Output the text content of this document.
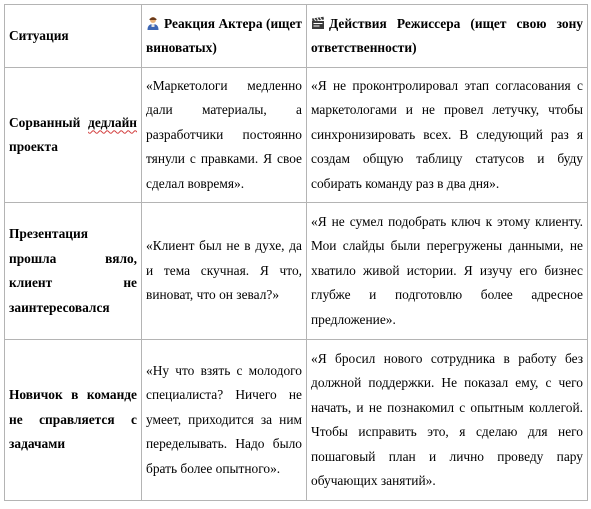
Ситуация	Реакция Актера (ищет виноватых)	Действия Режиссера (ищет свою зону ответственности)

Сорванный дедлайн проекта	«Маркетологи медленно дали материалы, а разработчики постоянно тянули с правками. Я свое сделал вовремя».	«Я не проконтролировал этап согласования с маркетологами и не провел летучку, чтобы синхронизировать всех. В следующий раз я создам общую таблицу статусов и буду собирать команду раз в два дня».

Презентация прошла вяло, клиент не заинтересовался	«Клиент был не в духе, да и тема скучная. Я что, виноват, что он зевал?»	«Я не сумел подобрать ключ к этому клиенту. Мои слайды были перегружены данными, не хватило живой истории. Я изучу его бизнес глубже и подготовлю более адресное предложение».

Новичок в команде не справляется с задачами	«Ну что взять с молодого специалиста? Ничего не умеет, приходится за ним переделывать. Надо было брать более опытного».	«Я бросил нового сотрудника в работу без должной поддержки. Не показал ему, с чего начать, и не познакомил с опытным коллегой. Чтобы исправить это, я сделаю для него пошаговый план и лично проведу пару обучающих занятий».
